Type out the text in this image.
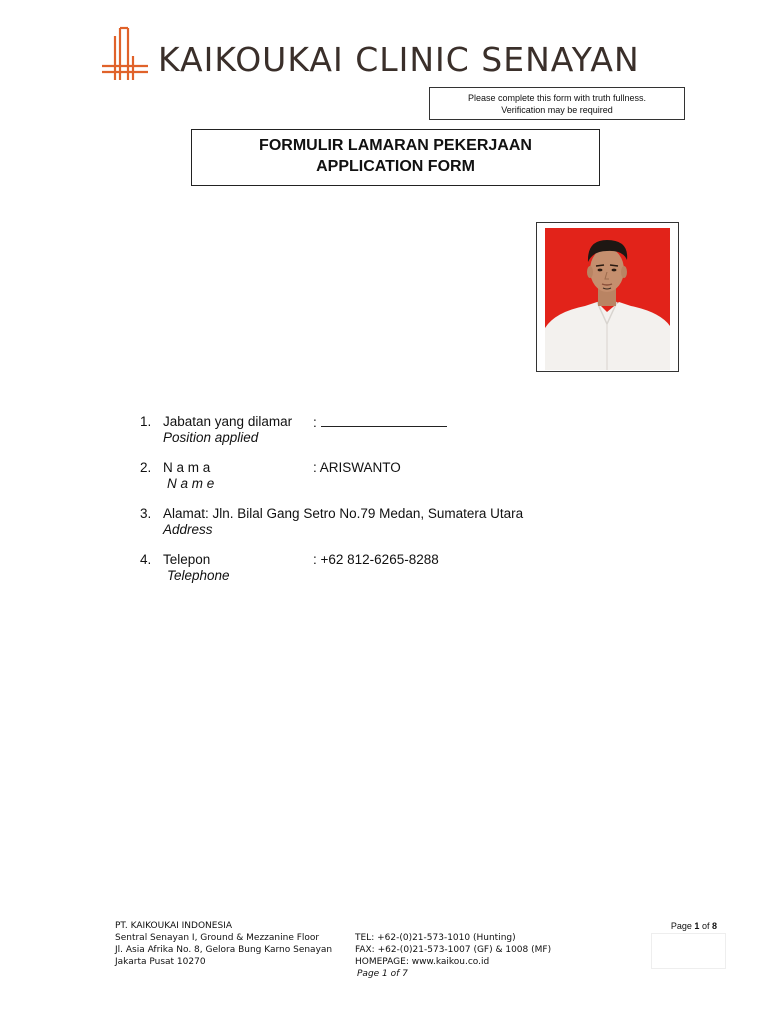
KAIKOUKAI CLINIC SENAYAN
Please complete this form with truth fullness.
Verification may be required
FORMULIR LAMARAN PEKERJAAN
APPLICATION FORM
1. Jabatan yang dilamar :
Position applied
2. N a m a	: ARISWANTO
N a m e
3. Alamat: Jln. Bilal Gang Setro No.79 Medan, Sumatera Utara
Address
4. Telepon	: +62 812-6265-8288
Telephone
PT. KAIKOUKAI INDONESIA
Sentral Senayan I, Ground & Mezzanine Floor
Jl. Asia Afrika No. 8, Gelora Bung Karno Senayan
Jakarta Pusat 10270
TEL: +62-(0)21-573-1010 (Hunting)
FAX: +62-(0)21-573-1007 (GF) & 1008 (MF)
HOMEPAGE: www.kaikou.co.id
Page 1 of 7
Page 1 of 8
